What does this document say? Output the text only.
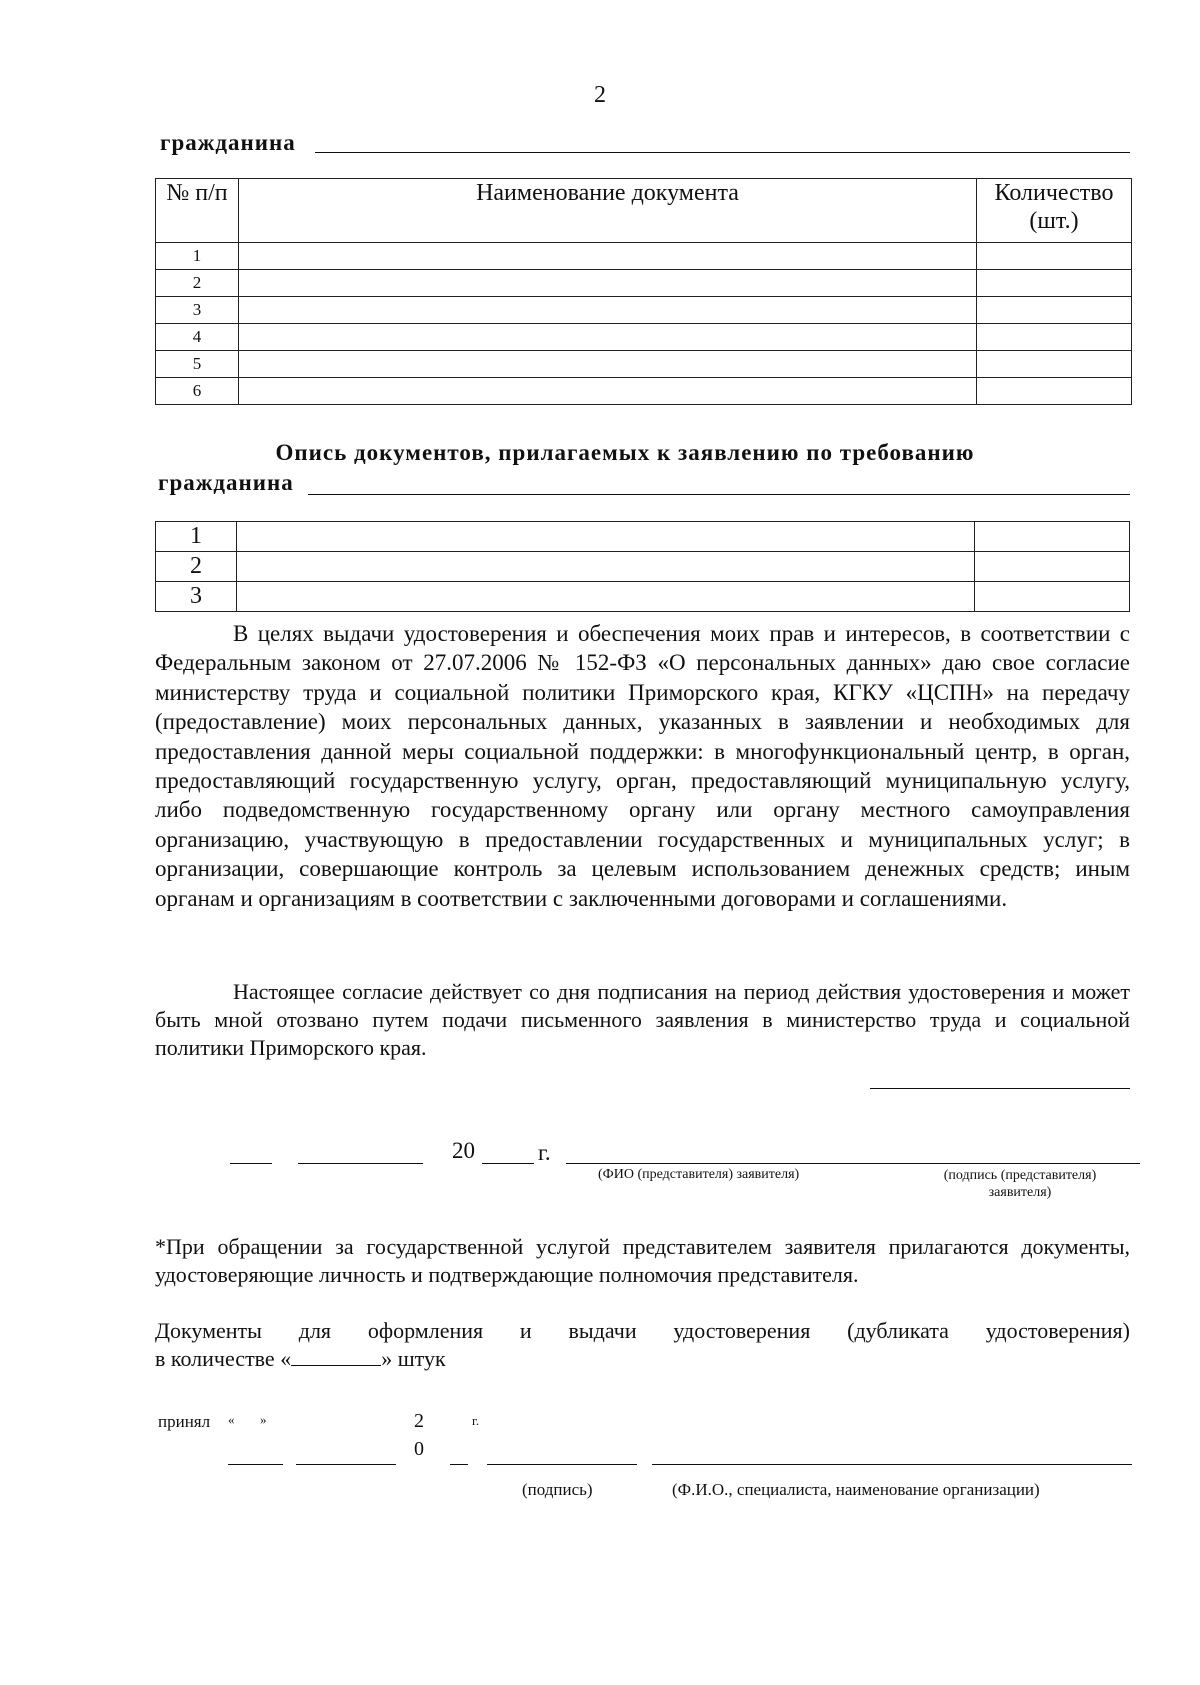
2
гражданина
№ п/п	Наименование документа	Количество (шт.)
1		
2		
3		
4		
5		
6		
Опись документов, прилагаемых к заявлению по требованию
гражданина
1		
2		
3		

В целях выдачи удостоверения и обеспечения моих прав и интересов, в соответствии с Федеральным законом от 27.07.2006 № 152-ФЗ «О персональных данных» даю свое согласие министерству труда и социальной политики Приморского края, КГКУ «ЦСПН» на передачу (предоставление) моих персональных данных, указанных в заявлении и необходимых для предоставления данной меры социальной поддержки: в многофункциональный центр, в орган, предоставляющий государственную услугу, орган, предоставляющий муниципальную услугу, либо подведомственную государственному органу или органу местного самоуправления организацию, участвующую в предоставлении государственных и муниципальных услуг; в организации, совершающие контроль за целевым использованием денежных средств; иным органам и организациям в соответствии с заключенными договорами и соглашениями.

Настоящее согласие действует со дня подписания на период действия удостоверения и может быть мной отозвано путем подачи письменного заявления в министерство труда и социальной политики Приморского края.

20	г.
(ФИО (представителя) заявителя)	(подпись (представителя)
заявителя)
*При обращении за государственной услугой представителем заявителя прилагаются документы, удостоверяющие личность и подтверждающие полномочия представителя.
Документы для оформления и выдачи удостоверения (дубликата удостоверения)
в количестве «	» штук
принял « »	2	г.
0
(подпись)	(Ф.И.О., специалиста, наименование организации)
